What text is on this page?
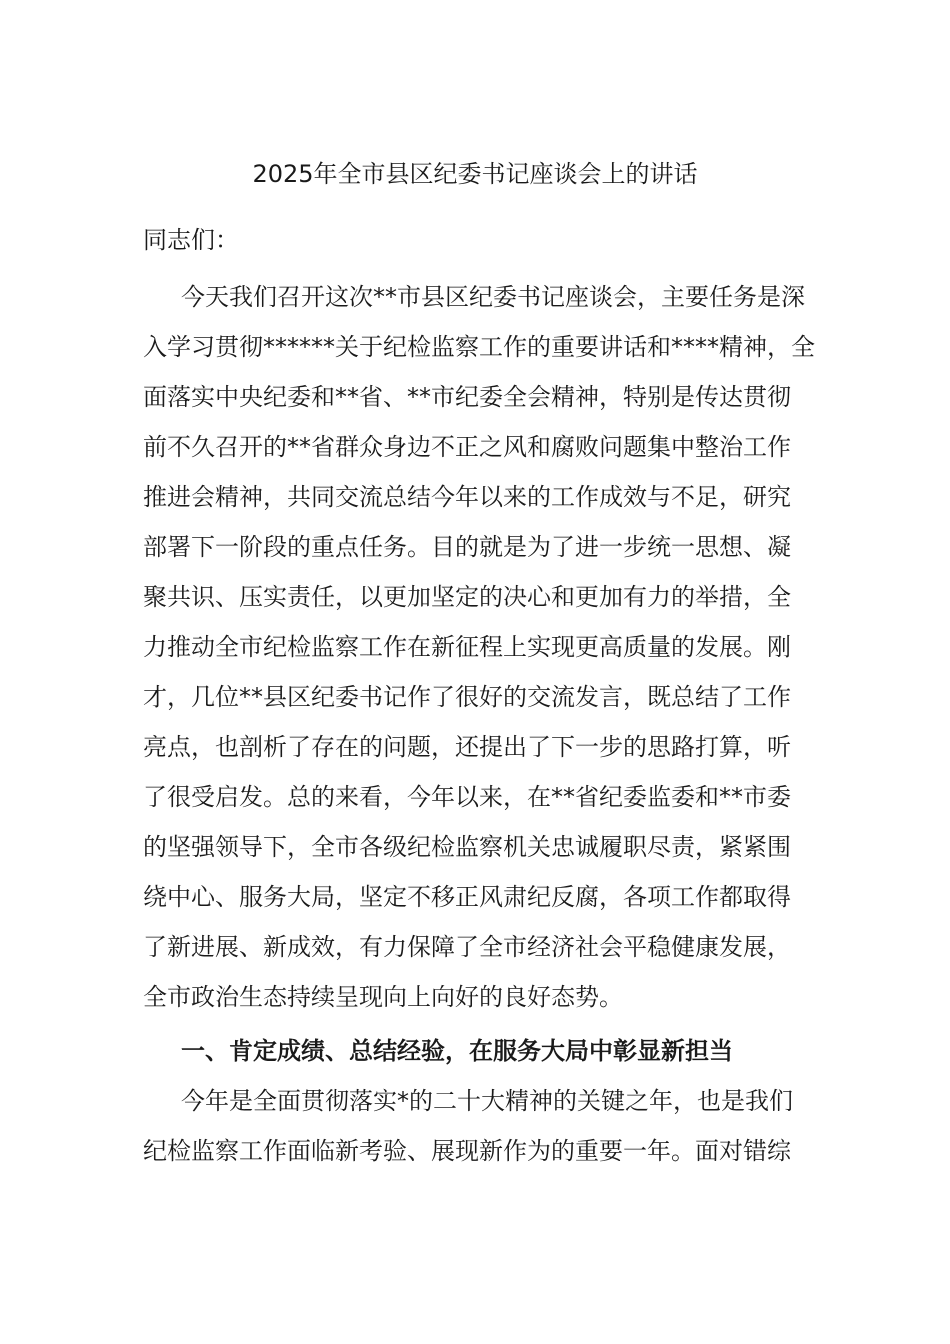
2025年全市县区纪委书记座谈会上的讲话

同志们：

今天我们召开这次**市县区纪委书记座谈会，主要任务是深
入学习贯彻******关于纪检监察工作的重要讲话和****精神，全
面落实中央纪委和**省、**市纪委全会精神，特别是传达贯彻
前不久召开的**省群众身边不正之风和腐败问题集中整治工作
推进会精神，共同交流总结今年以来的工作成效与不足，研究
部署下一阶段的重点任务。目的就是为了进一步统一思想、凝
聚共识、压实责任，以更加坚定的决心和更加有力的举措，全
力推动全市纪检监察工作在新征程上实现更高质量的发展。刚
才，几位**县区纪委书记作了很好的交流发言，既总结了工作
亮点，也剖析了存在的问题，还提出了下一步的思路打算，听
了很受启发。总的来看，今年以来，在**省纪委监委和**市委
的坚强领导下，全市各级纪检监察机关忠诚履职尽责，紧紧围
绕中心、服务大局，坚定不移正风肃纪反腐，各项工作都取得
了新进展、新成效，有力保障了全市经济社会平稳健康发展，
全市政治生态持续呈现向上向好的良好态势。
一、肯定成绩、总结经验，在服务大局中彰显新担当
今年是全面贯彻落实*的二十大精神的关键之年，也是我们
纪检监察工作面临新考验、展现新作为的重要一年。面对错综
